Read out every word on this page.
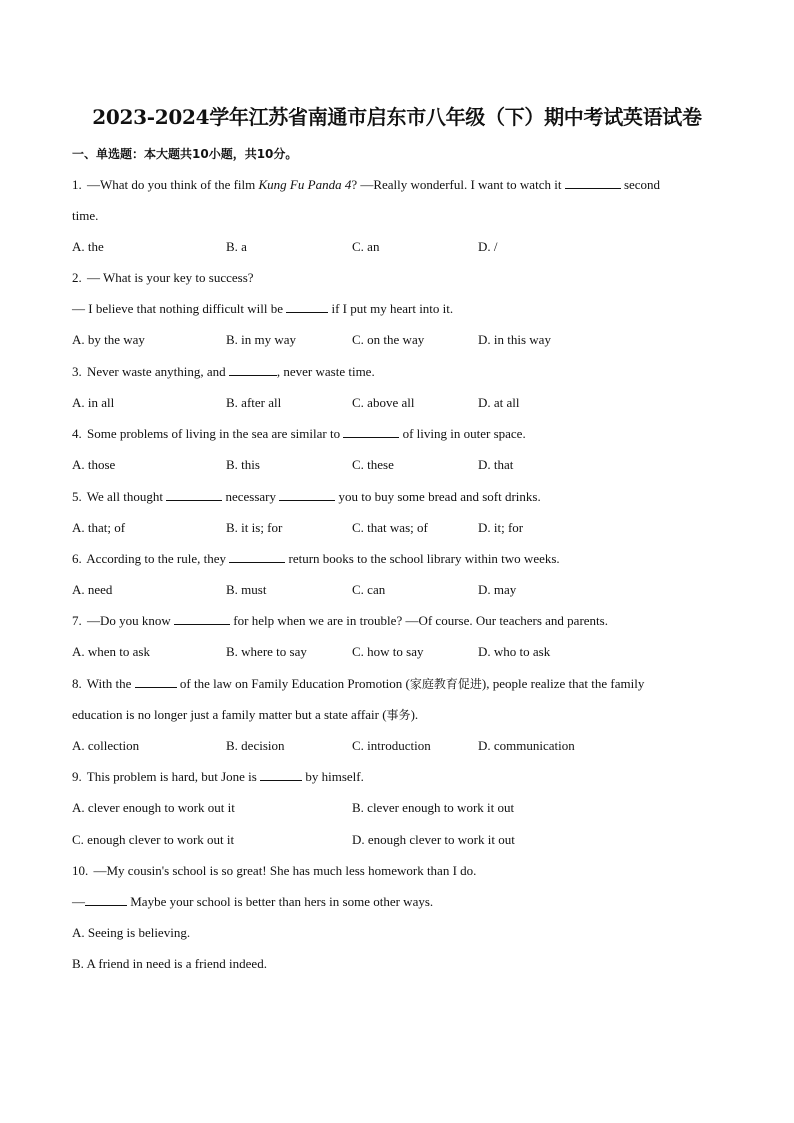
2023-2024学年江苏省南通市启东市八年级（下）期中考试英语试卷
一、单选题：本大题共10小题，共10分。
1. —What do you think of the film Kung Fu Panda 4? —Really wonderful. I want to watch it	second
time.
A. the	B. a	C. an	D. /
2. — What is your key to success?
— I believe that nothing difficult will be	if I put my heart into it.
A. by the way	B. in my way	C. on the way	D. in this way
3. Never waste anything, and	, never waste time.
A. in all	B. after all	C. above all	D. at all
4. Some problems of living in the sea are similar to	of living in outer space.
A. those	B. this	C. these	D. that
5. We all thought	necessary	you to buy some bread and soft drinks.
A. that; of	B. it is; for	C. that was; of	D. it; for
6. According to the rule, they	return books to the school library within two weeks.
A. need	B. must	C. can	D. may
7. —Do you know	for help when we are in trouble? —Of course. Our teachers and parents.
A. when to ask	B. where to say	C. how to say	D. who to ask
8. With the	of the law on Family Education Promotion (家庭教育促进), people realize that the family
education is no longer just a family matter but a state affair (事务).
A. collection	B. decision	C. introduction	D. communication
9. This problem is hard, but Jone is	by himself.
A. clever enough to work out it	B. clever enough to work it out
C. enough clever to work out it	D. enough clever to work it out
10. —My cousin's school is so great! She has much less homework than I do.
—	Maybe your school is better than hers in some other ways.
A. Seeing is believing.
B. A friend in need is a friend indeed.
